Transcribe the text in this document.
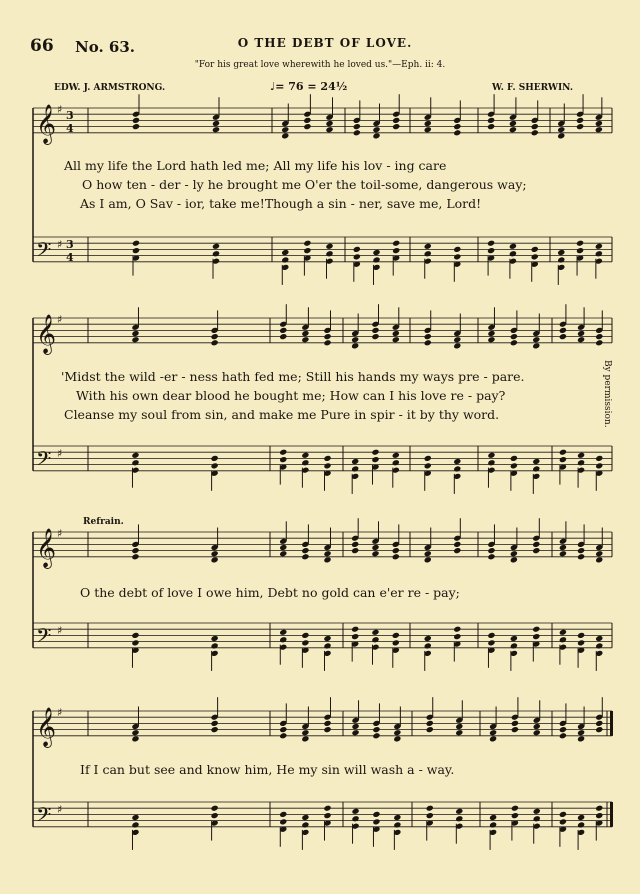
66 No. 63.	O THE DEBT OF LOVE.
"For his great love wherewith he loved us."—Eph. ii: 4.
EDW. J. ARMSTRONG.	♩= 76 = 24½	W. F. SHERWIN.
Refrain.
By permission.
𝄞 ♯ 3
4
𝄢 ♯ 3
4
𝄞 ♯
𝄢 ♯
𝄞 ♯
𝄢 ♯
𝄞 ♯
𝄢 ♯
All my life the Lord hath led me; All my life his lov - ing care
O how ten - der - ly he brought me O'er the toil-some, dangerous way;
As I am, O Sav - ior, take me!Though a sin - ner, save me, Lord!
'Midst the wild -er - ness hath fed me; Still his hands my ways pre - pare.
With his own dear blood he bought me; How can I his love re - pay?
Cleanse my soul from sin, and make me Pure in spir - it by thy word.
O the debt of love I owe him, Debt no gold can e'er re - pay;
If I can but see and know him, He my sin will wash a - way.
